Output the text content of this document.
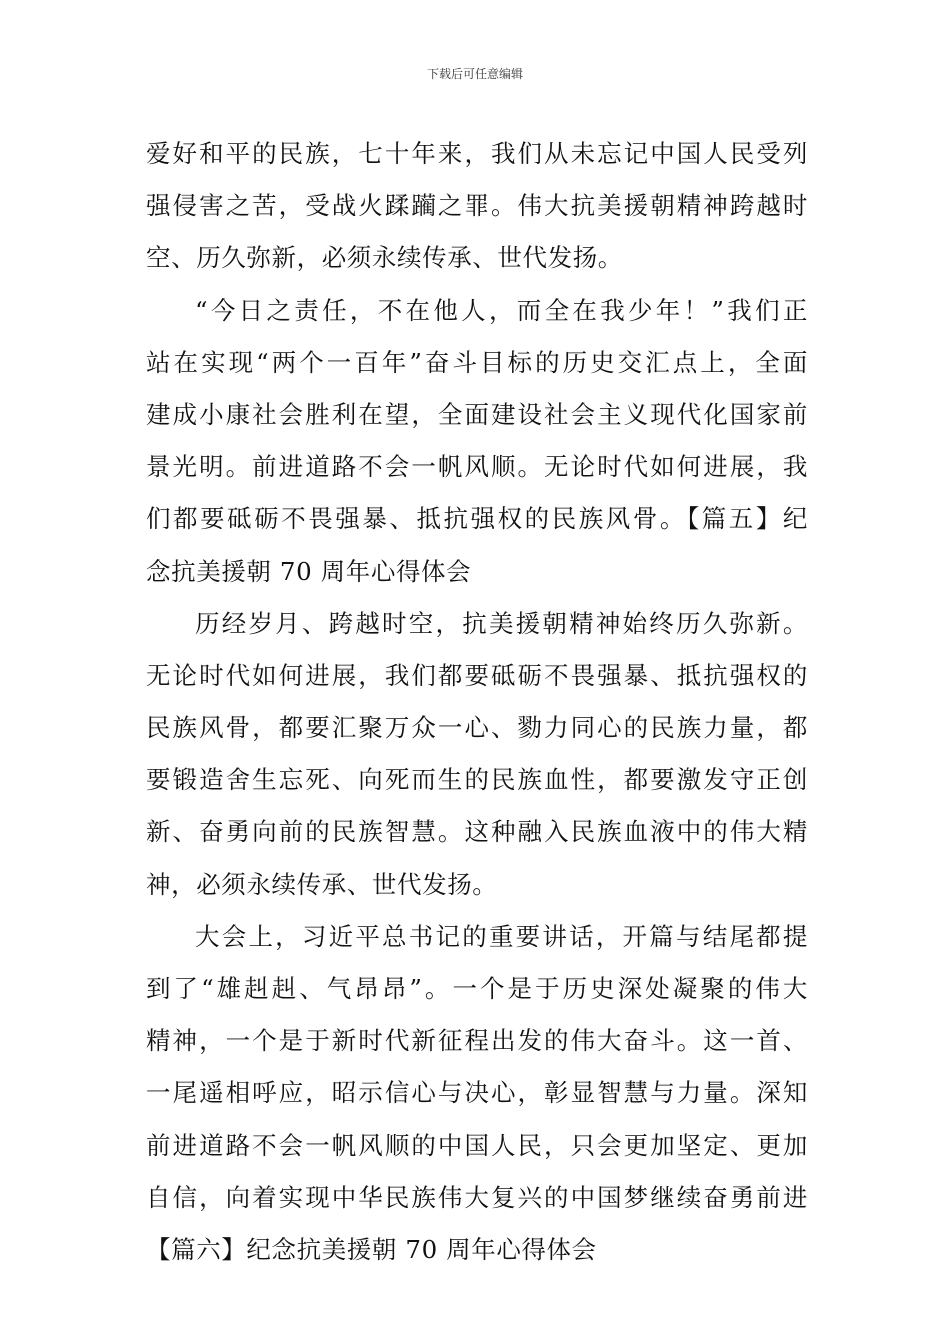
下载后可任意编辑
爱好和平的民族，七十年来，我们从未忘记中国人民受列
强侵害之苦，受战火蹂躏之罪。伟大抗美援朝精神跨越时
空、历久弥新，必须永续传承、世代发扬。
“今日之责任，不在他人，而全在我少年！”我们正
站在实现“两个一百年”奋斗目标的历史交汇点上，全面
建成小康社会胜利在望，全面建设社会主义现代化国家前
景光明。前进道路不会一帆风顺。无论时代如何进展，我
们都要砥砺不畏强暴、抵抗强权的民族风骨。【篇五】纪
念抗美援朝 70 周年心得体会
历经岁月、跨越时空，抗美援朝精神始终历久弥新。
无论时代如何进展，我们都要砥砺不畏强暴、抵抗强权的
民族风骨，都要汇聚万众一心、勠力同心的民族力量，都
要锻造舍生忘死、向死而生的民族血性，都要激发守正创
新、奋勇向前的民族智慧。这种融入民族血液中的伟大精
神，必须永续传承、世代发扬。
大会上，习近平总书记的重要讲话，开篇与结尾都提
到了“雄赳赳、气昂昂”。一个是于历史深处凝聚的伟大
精神，一个是于新时代新征程出发的伟大奋斗。这一首、
一尾遥相呼应，昭示信心与决心，彰显智慧与力量。深知
前进道路不会一帆风顺的中国人民，只会更加坚定、更加
自信，向着实现中华民族伟大复兴的中国梦继续奋勇前进
【篇六】纪念抗美援朝 70 周年心得体会
